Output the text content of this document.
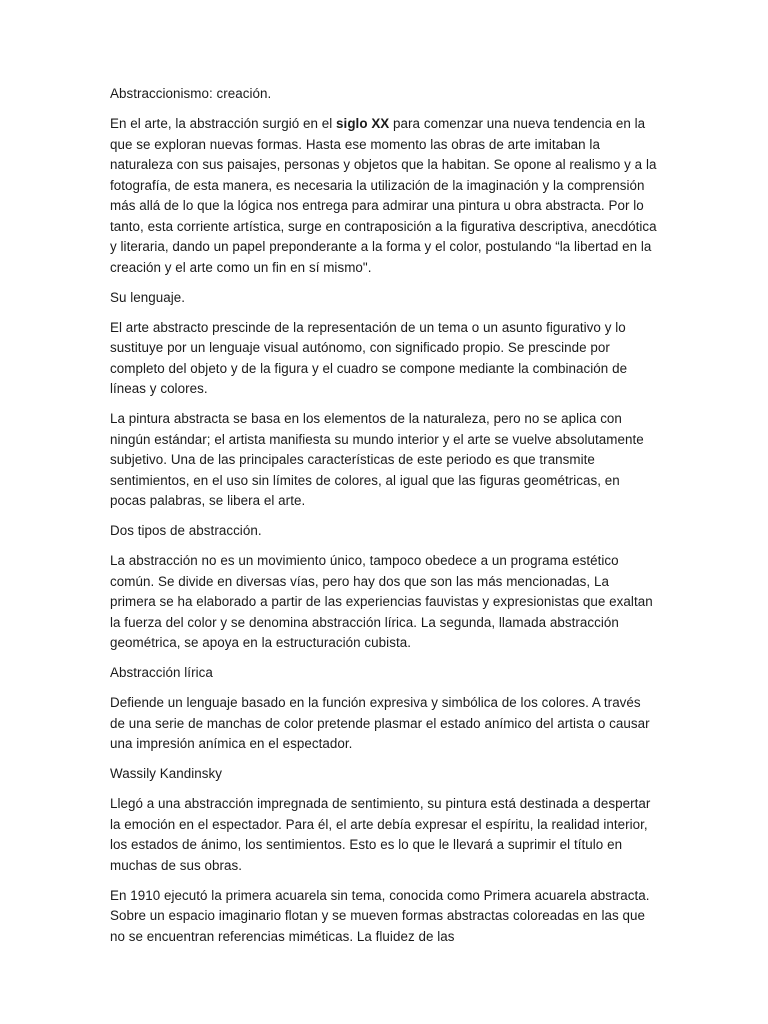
Abstraccionismo: creación.

En el arte, la abstracción surgió en el siglo XX para comenzar una nueva tendencia en la que se exploran nuevas formas. Hasta ese momento las obras de arte imitaban la naturaleza con sus paisajes, personas y objetos que la habitan. Se opone al realismo y a la fotografía, de esta manera, es necesaria la utilización de la imaginación y la comprensión más allá de lo que la lógica nos entrega para admirar una pintura u obra abstracta. Por lo tanto, esta corriente artística, surge en contraposición a la figurativa descriptiva, anecdótica y literaria, dando un papel preponderante a la forma y el color, postulando “la libertad en la creación y el arte como un fin en sí mismo".

Su lenguaje.

El arte abstracto prescinde de la representación de un tema o un asunto figurativo y lo sustituye por un lenguaje visual autónomo, con significado propio. Se prescinde por completo del objeto y de la figura y el cuadro se compone mediante la combinación de líneas y colores.

La pintura abstracta se basa en los elementos de la naturaleza, pero no se aplica con ningún estándar; el artista manifiesta su mundo interior y el arte se vuelve absolutamente subjetivo. Una de las principales características de este periodo es que transmite sentimientos, en el uso sin límites de colores, al igual que las figuras geométricas, en pocas palabras, se libera el arte.

Dos tipos de abstracción.

La abstracción no es un movimiento único, tampoco obedece a un programa estético común. Se divide en diversas vías, pero hay dos que son las más mencionadas, La primera se ha elaborado a partir de las experiencias fauvistas y expresionistas que exaltan la fuerza del color y se denomina abstracción lírica. La segunda, llamada abstracción geométrica, se apoya en la estructuración cubista.

Abstracción lírica

Defiende un lenguaje basado en la función expresiva y simbólica de los colores. A través de una serie de manchas de color pretende plasmar el estado anímico del artista o causar una impresión anímica en el espectador.

Wassily Kandinsky

Llegó a una abstracción impregnada de sentimiento, su pintura está destinada a despertar la emoción en el espectador. Para él, el arte debía expresar el espíritu, la realidad interior, los estados de ánimo, los sentimientos. Esto es lo que le llevará a suprimir el título en muchas de sus obras.

En 1910 ejecutó la primera acuarela sin tema, conocida como Primera acuarela abstracta. Sobre un espacio imaginario flotan y se mueven formas abstractas coloreadas en las que no se encuentran referencias miméticas. La fluidez de las
